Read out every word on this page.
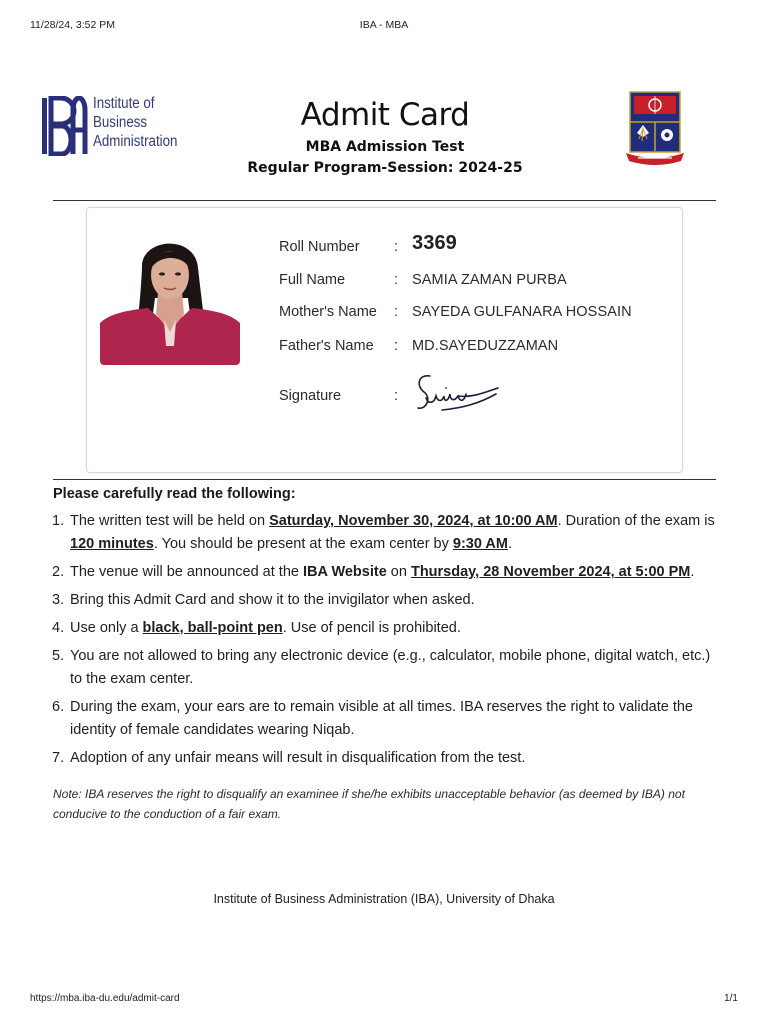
11/28/24, 3:52 PM	IBA - MBA
Institute of
Business
Administration
Admit Card
MBA Admission Test
Regular Program-Session: 2024-25
Roll Number : 3369
Full Name	: SAMIA ZAMAN PURBA
Mother's Name : SAYEDA GULFANARA HOSSAIN
Father's Name : MD.SAYEDUZZAMAN
Signature	:
Please carefully read the following:
1. The written test will be held on Saturday, November 30, 2024, at 10:00 AM. Duration of the exam is 120 minutes. You should be present at the exam center by 9:30 AM.
2. The venue will be announced at the IBA Website on Thursday, 28 November 2024, at 5:00 PM.
3. Bring this Admit Card and show it to the invigilator when asked.
4. Use only a black, ball-point pen. Use of pencil is prohibited.
5. You are not allowed to bring any electronic device (e.g., calculator, mobile phone, digital watch, etc.) to the exam center.
6. During the exam, your ears are to remain visible at all times. IBA reserves the right to validate the identity of female candidates wearing Niqab.
7. Adoption of any unfair means will result in disqualification from the test.
Note: IBA reserves the right to disqualify an examinee if she/he exhibits unacceptable behavior (as deemed by IBA) not conducive to the conduction of a fair exam.
Institute of Business Administration (IBA), University of Dhaka
https://mba.iba-du.edu/admit-card	1/1
